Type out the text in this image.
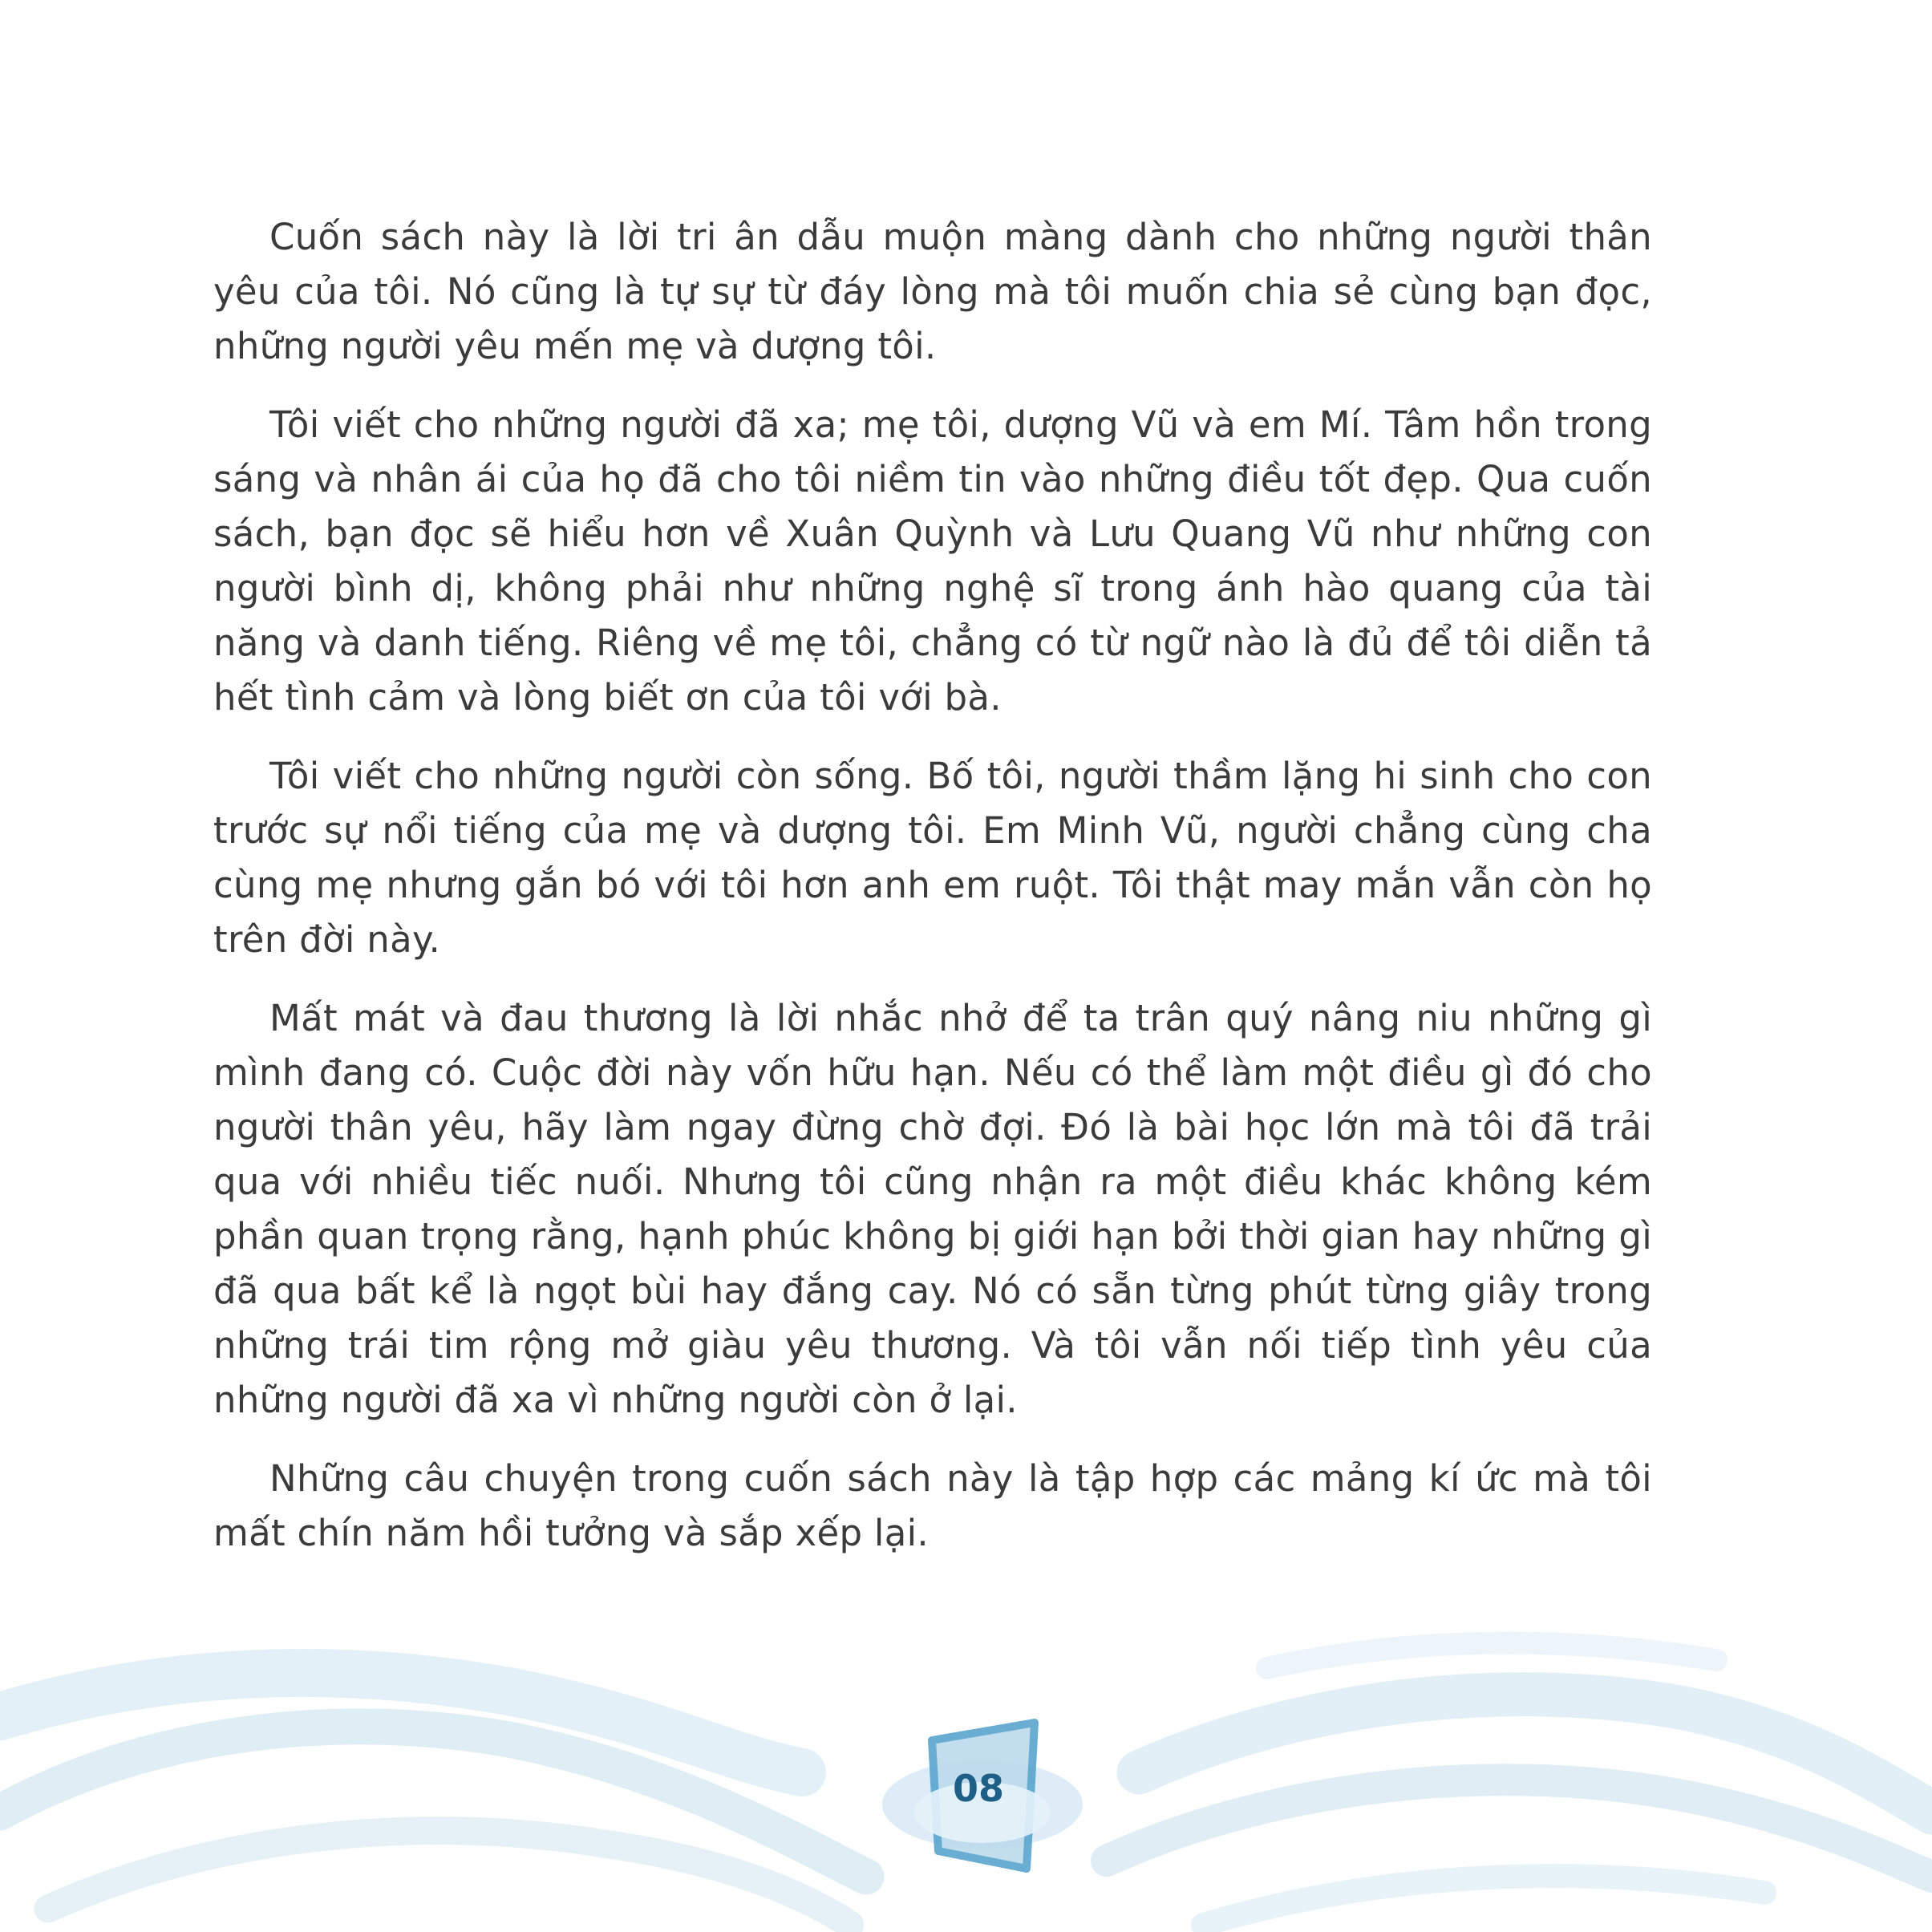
Cuốn sách này là lời tri ân dẫu muộn màng dành cho những người thân yêu của tôi. Nó cũng là tự sự từ đáy lòng mà tôi muốn chia sẻ cùng bạn đọc, những người yêu mến mẹ và dượng tôi.

Tôi viết cho những người đã xa; mẹ tôi, dượng Vũ và em Mí. Tâm hồn trong sáng và nhân ái của họ đã cho tôi niềm tin vào những điều tốt đẹp. Qua cuốn sách, bạn đọc sẽ hiểu hơn về Xuân Quỳnh và Lưu Quang Vũ như những con người bình dị, không phải như những nghệ sĩ trong ánh hào quang của tài năng và danh tiếng. Riêng về mẹ tôi, chẳng có từ ngữ nào là đủ để tôi diễn tả hết tình cảm và lòng biết ơn của tôi với bà.

Tôi viết cho những người còn sống. Bố tôi, người thầm lặng hi sinh cho con trước sự nổi tiếng của mẹ và dượng tôi. Em Minh Vũ, người chẳng cùng cha cùng mẹ nhưng gắn bó với tôi hơn anh em ruột. Tôi thật may mắn vẫn còn họ trên đời này.

Mất mát và đau thương là lời nhắc nhở để ta trân quý nâng niu những gì mình đang có. Cuộc đời này vốn hữu hạn. Nếu có thể làm một điều gì đó cho người thân yêu, hãy làm ngay đừng chờ đợi. Đó là bài học lớn mà tôi đã trải qua với nhiều tiếc nuối. Nhưng tôi cũng nhận ra một điều khác không kém phần quan trọng rằng, hạnh phúc không bị giới hạn bởi thời gian hay những gì đã qua bất kể là ngọt bùi hay đắng cay. Nó có sẵn từng phút từng giây trong những trái tim rộng mở giàu yêu thương. Và tôi vẫn nối tiếp tình yêu của những người đã xa vì những người còn ở lại.

Những câu chuyện trong cuốn sách này là tập hợp các mảng kí ức mà tôi mất chín năm hồi tưởng và sắp xếp lại.

08
